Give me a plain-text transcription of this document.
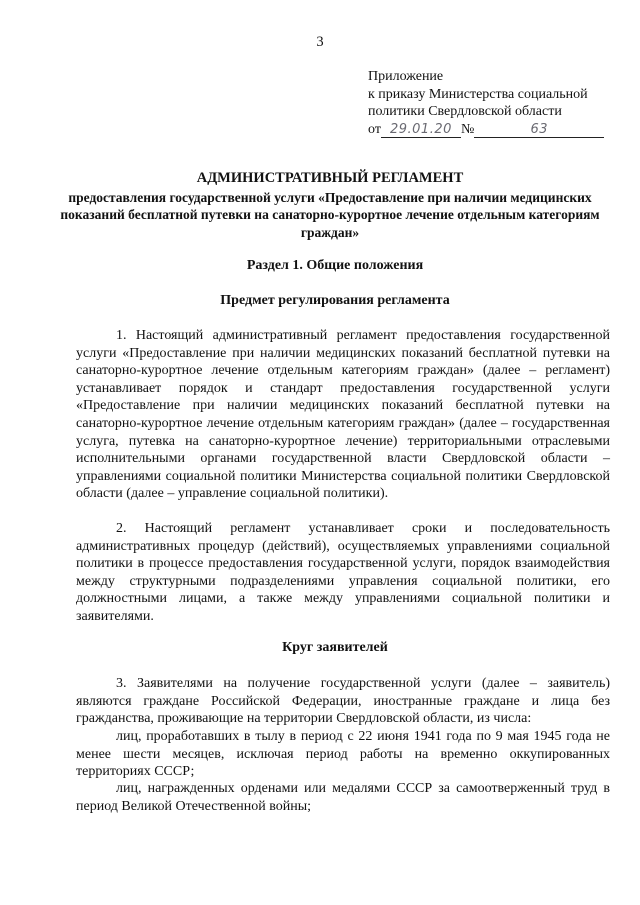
3
Приложение
к приказу Министерства социальной
политики Свердловской области
от 29.01.20 №	63
АДМИНИСТРАТИВНЫЙ РЕГЛАМЕНТ
предоставления государственной услуги «Предоставление при наличии медицинских показаний бесплатной путевки на санаторно-курортное лечение отдельным категориям граждан»
Раздел 1. Общие положения
Предмет регулирования регламента
1. Настоящий административный регламент предоставления государственной услуги «Предоставление при наличии медицинских показаний бесплатной путевки на санаторно-курортное лечение отдельным категориям граждан» (далее – регламент) устанавливает порядок и стандарт предоставления государственной услуги «Предоставление при наличии медицинских показаний бесплатной путевки на санаторно-курортное лечение отдельным категориям граждан» (далее – государственная услуга, путевка на санаторно-курортное лечение) территориальными отраслевыми исполнительными органами государственной власти Свердловской области – управлениями социальной политики Министерства социальной политики Свердловской области (далее – управление социальной политики).
2. Настоящий регламент устанавливает сроки и последовательность административных процедур (действий), осуществляемых управлениями социальной политики в процессе предоставления государственной услуги, порядок взаимодействия между структурными подразделениями управления социальной политики, его должностными лицами, а также между управлениями социальной политики и заявителями.
Круг заявителей
3. Заявителями на получение государственной услуги (далее – заявитель) являются граждане Российской Федерации, иностранные граждане и лица без гражданства, проживающие на территории Свердловской области, из числа:
лиц, проработавших в тылу в период с 22 июня 1941 года по 9 мая 1945 года не менее шести месяцев, исключая период работы на временно оккупированных территориях СССР;
лиц, награжденных орденами или медалями СССР за самоотверженный труд в период Великой Отечественной войны;
